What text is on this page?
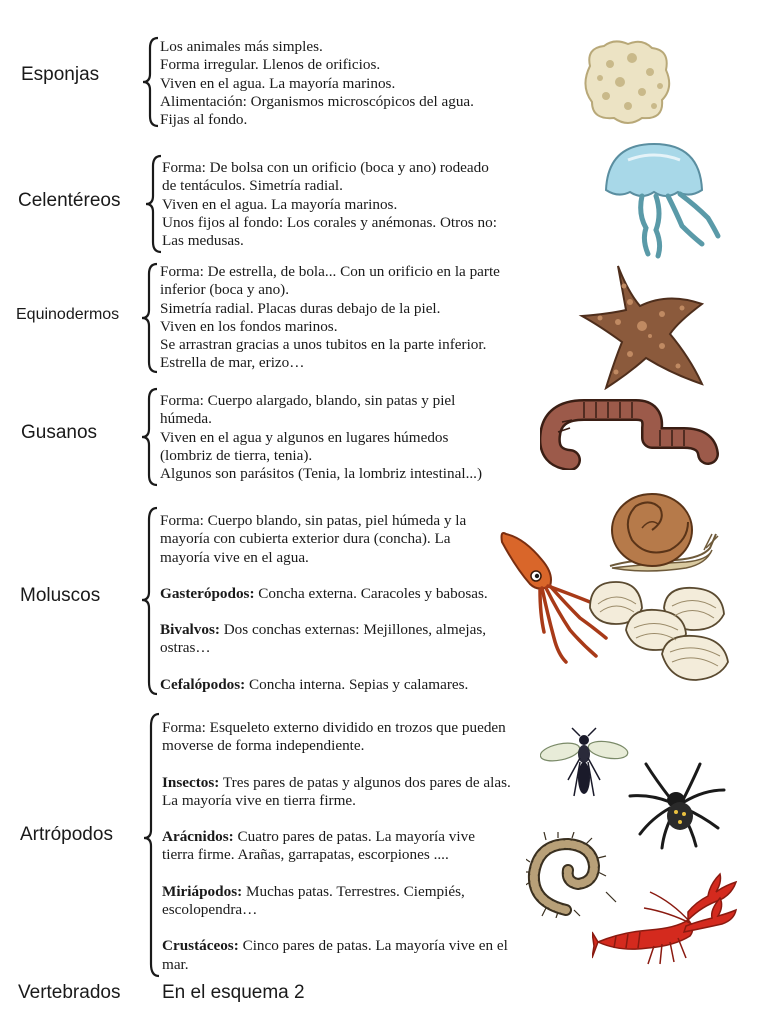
Esponjas

Los animales más simples.

Forma irregular. Llenos de orificios.

Viven en el agua. La mayoría marinos.

Alimentación: Organismos microscópicos del agua.

Fijas al fondo.

Celentéreos

Forma: De bolsa con un orificio (boca y ano) rodeado

de tentáculos. Simetría radial.

Viven en el agua. La mayoría marinos.

Unos fijos al fondo: Los corales y anémonas. Otros no:

Las medusas.

Equinodermos

Forma: De estrella, de bola... Con un orificio en la parte

inferior (boca y ano).

Simetría radial. Placas duras debajo de la piel.

Viven en los fondos marinos.

Se arrastran gracias a unos tubitos en la parte inferior.

Estrella de mar, erizo…

Gusanos

Forma: Cuerpo alargado, blando, sin patas y piel

húmeda.

Viven en el agua y algunos en lugares húmedos

(lombriz de tierra, tenia).

Algunos son parásitos (Tenia, la lombriz intestinal...)

Moluscos

Forma: Cuerpo blando, sin patas, piel húmeda y la

mayoría con cubierta exterior dura (concha). La

mayoría vive en el agua.

Gasterópodos: Concha externa. Caracoles y babosas.

Bivalvos: Dos conchas externas: Mejillones, almejas,

ostras…

Cefalópodos: Concha interna. Sepias y calamares.

Artrópodos

Forma: Esqueleto externo dividido en trozos que pueden

moverse de forma independiente.

Insectos: Tres pares de patas y algunos dos pares de alas.

La mayoría vive en tierra firme.

Arácnidos: Cuatro pares de patas. La mayoría vive

tierra firme. Arañas, garrapatas, escorpiones ....

Miriápodos: Muchas patas. Terrestres. Ciempiés,

escolopendra…

Crustáceos: Cinco pares de patas. La mayoría vive en el

mar.

Vertebrados En el esquema 2
